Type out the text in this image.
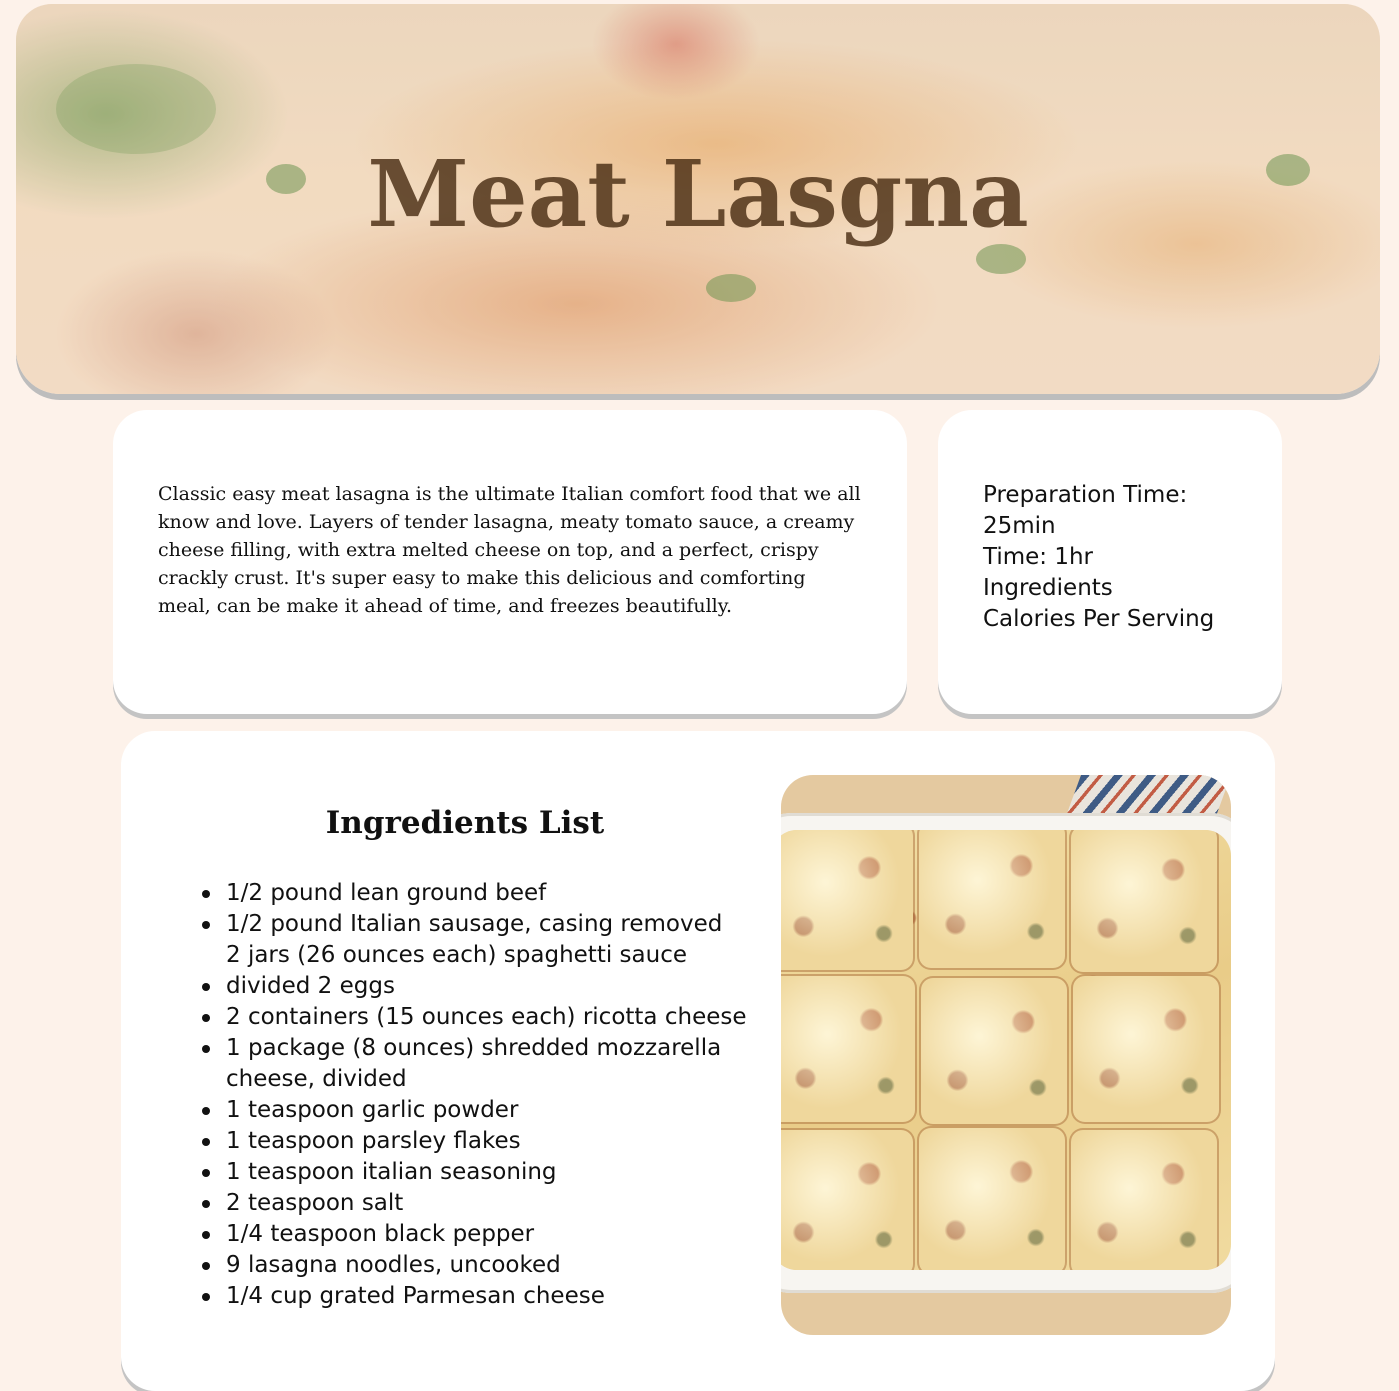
Meat Lasgna

Classic easy meat lasagna is the ultimate Italian comfort food that we all know and love. Layers of tender lasagna, meaty tomato sauce, a creamy cheese filling, with extra melted cheese on top, and a perfect, crispy crackly crust. It's super easy to make this delicious and comforting meal, can be make it ahead of time, and freezes beautifully.

Preparation Time:
25min
Time: 1hr
Ingredients
Calories Per Serving
Ingredients List
1/2 pound lean ground beef
1/2 pound Italian sausage, casing removed
2 jars (26 ounces each) spaghetti sauce
divided 2 eggs
2 containers (15 ounces each) ricotta cheese
1 package (8 ounces) shredded mozzarella
cheese, divided
1 teaspoon garlic powder
1 teaspoon parsley flakes
1 teaspoon italian seasoning
2 teaspoon salt
1/4 teaspoon black pepper
9 lasagna noodles, uncooked
1/4 cup grated Parmesan cheese
